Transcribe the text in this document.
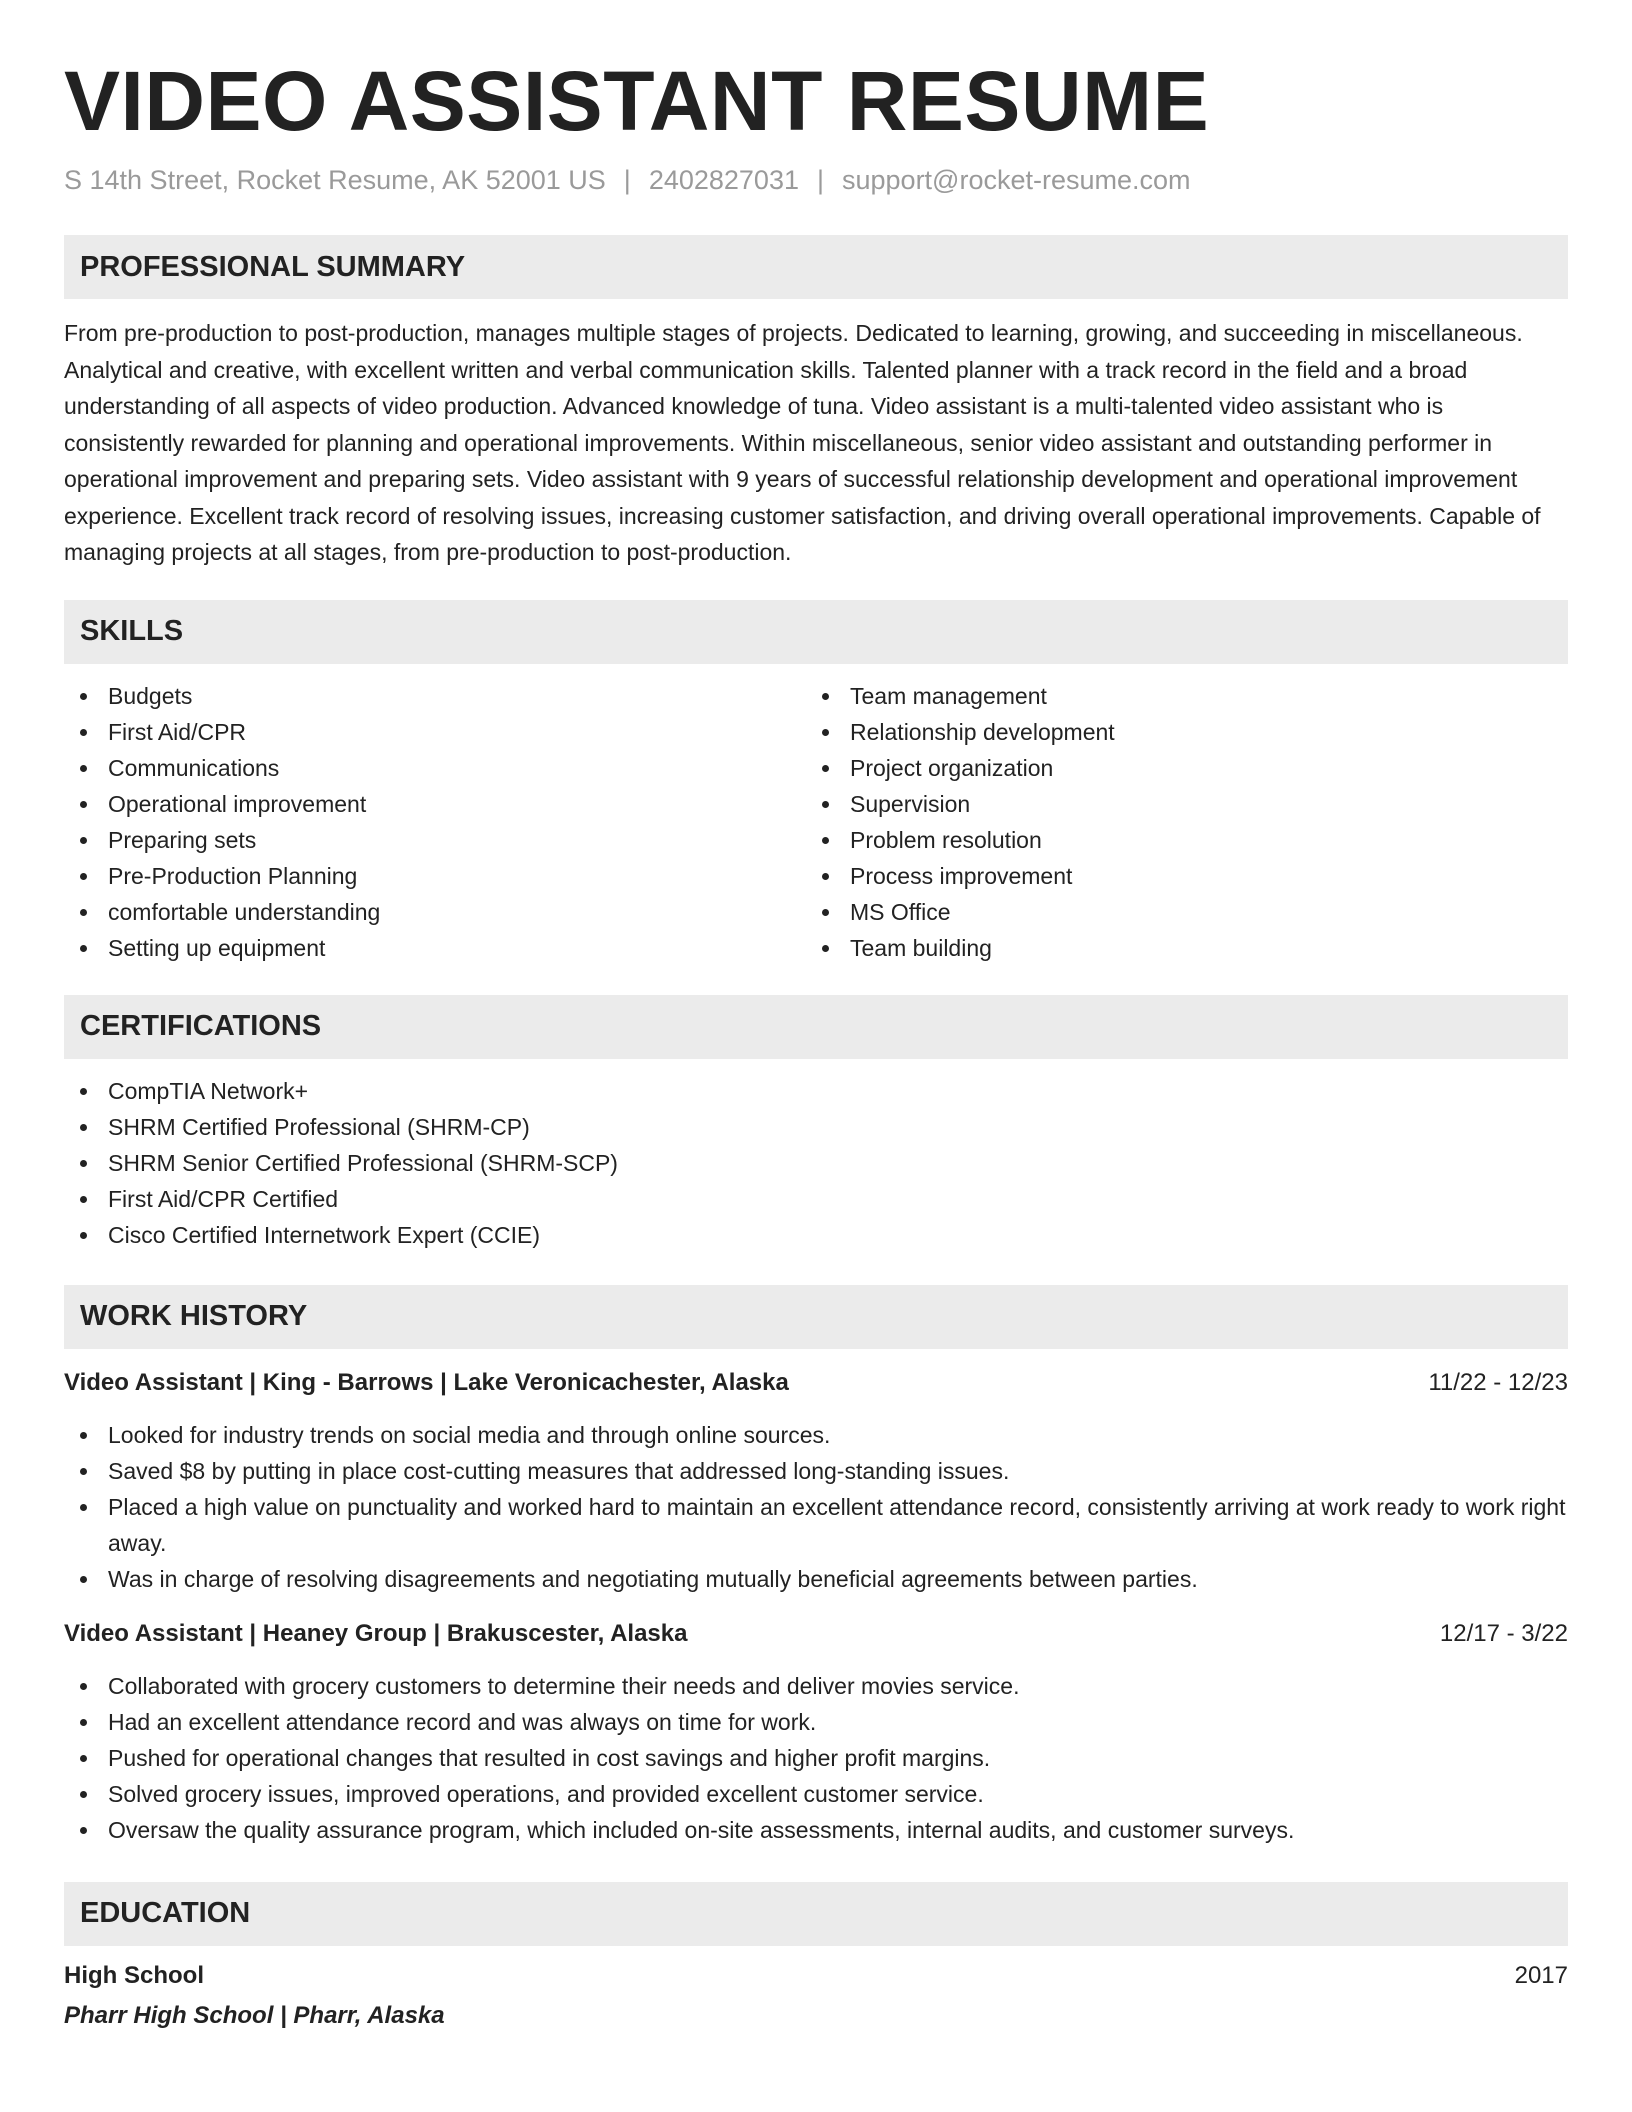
VIDEO ASSISTANT RESUME
S 14th Street, Rocket Resume, AK 52001 US | 2402827031 | support@rocket-resume.com
PROFESSIONAL SUMMARY

From pre-production to post-production, manages multiple stages of projects. Dedicated to learning, growing, and succeeding in miscellaneous. Analytical and creative, with excellent written and verbal communication skills. Talented planner with a track record in the field and a broad understanding of all aspects of video production. Advanced knowledge of tuna. Video assistant is a multi-talented video assistant who is consistently rewarded for planning and operational improvements. Within miscellaneous, senior video assistant and outstanding performer in operational improvement and preparing sets. Video assistant with 9 years of successful relationship development and operational improvement experience. Excellent track record of resolving issues, increasing customer satisfaction, and driving overall operational improvements. Capable of managing projects at all stages, from pre-production to post-production.

SKILLS
Budgets
First Aid/CPR
Communications
Operational improvement
Preparing sets
Pre-Production Planning
comfortable understanding
Setting up equipment
Team management
Relationship development
Project organization
Supervision
Problem resolution
Process improvement
MS Office
Team building
CERTIFICATIONS
CompTIA Network+
SHRM Certified Professional (SHRM-CP)
SHRM Senior Certified Professional (SHRM-SCP)
First Aid/CPR Certified
Cisco Certified Internetwork Expert (CCIE)
WORK HISTORY
Video Assistant | King - Barrows | Lake Veronicachester, Alaska	11/22 - 12/23
Looked for industry trends on social media and through online sources.
Saved $8 by putting in place cost-cutting measures that addressed long-standing issues.
Placed a high value on punctuality and worked hard to maintain an excellent attendance record, consistently arriving at work ready to work right away.
Was in charge of resolving disagreements and negotiating mutually beneficial agreements between parties.
Video Assistant | Heaney Group | Brakuscester, Alaska	12/17 - 3/22
Collaborated with grocery customers to determine their needs and deliver movies service.
Had an excellent attendance record and was always on time for work.
Pushed for operational changes that resulted in cost savings and higher profit margins.
Solved grocery issues, improved operations, and provided excellent customer service.
Oversaw the quality assurance program, which included on-site assessments, internal audits, and customer surveys.
EDUCATION
High School	2017
Pharr High School | Pharr, Alaska
